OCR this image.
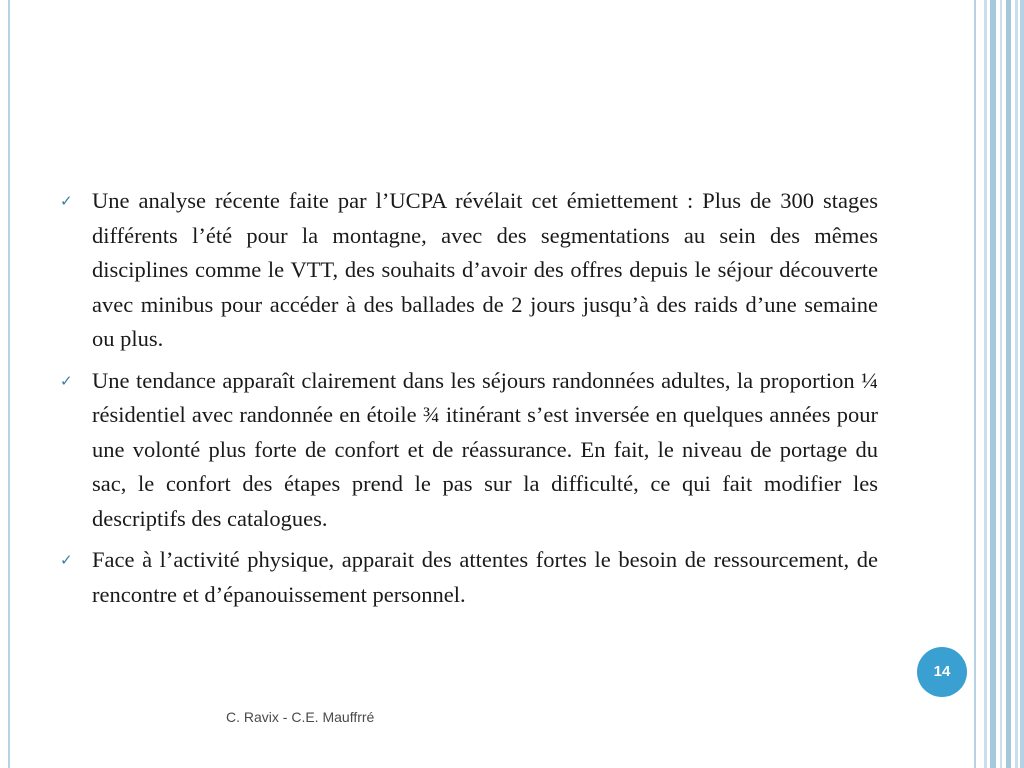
✓ Une analyse récente faite par l’UCPA révélait cet émiettement : Plus de 300 stages différents l’été pour la montagne, avec des segmentations au sein des mêmes disciplines comme le VTT, des souhaits d’avoir des offres depuis le séjour découverte avec minibus pour accéder à des ballades de 2 jours jusqu’à des raids d’une semaine ou plus.
✓ Une tendance apparaît clairement dans les séjours randonnées adultes, la proportion ¼ résidentiel avec randonnée en étoile ¾ itinérant s’est inversée en quelques années pour une volonté plus forte de confort et de réassurance. En fait, le niveau de portage du sac, le confort des étapes prend le pas sur la difficulté, ce qui fait modifier les descriptifs des catalogues.
✓ Face à l’activité physique, apparait des attentes fortes le besoin de ressourcement, de rencontre et d’épanouissement personnel.
14
C. Ravix - C.E. Mauffrré
